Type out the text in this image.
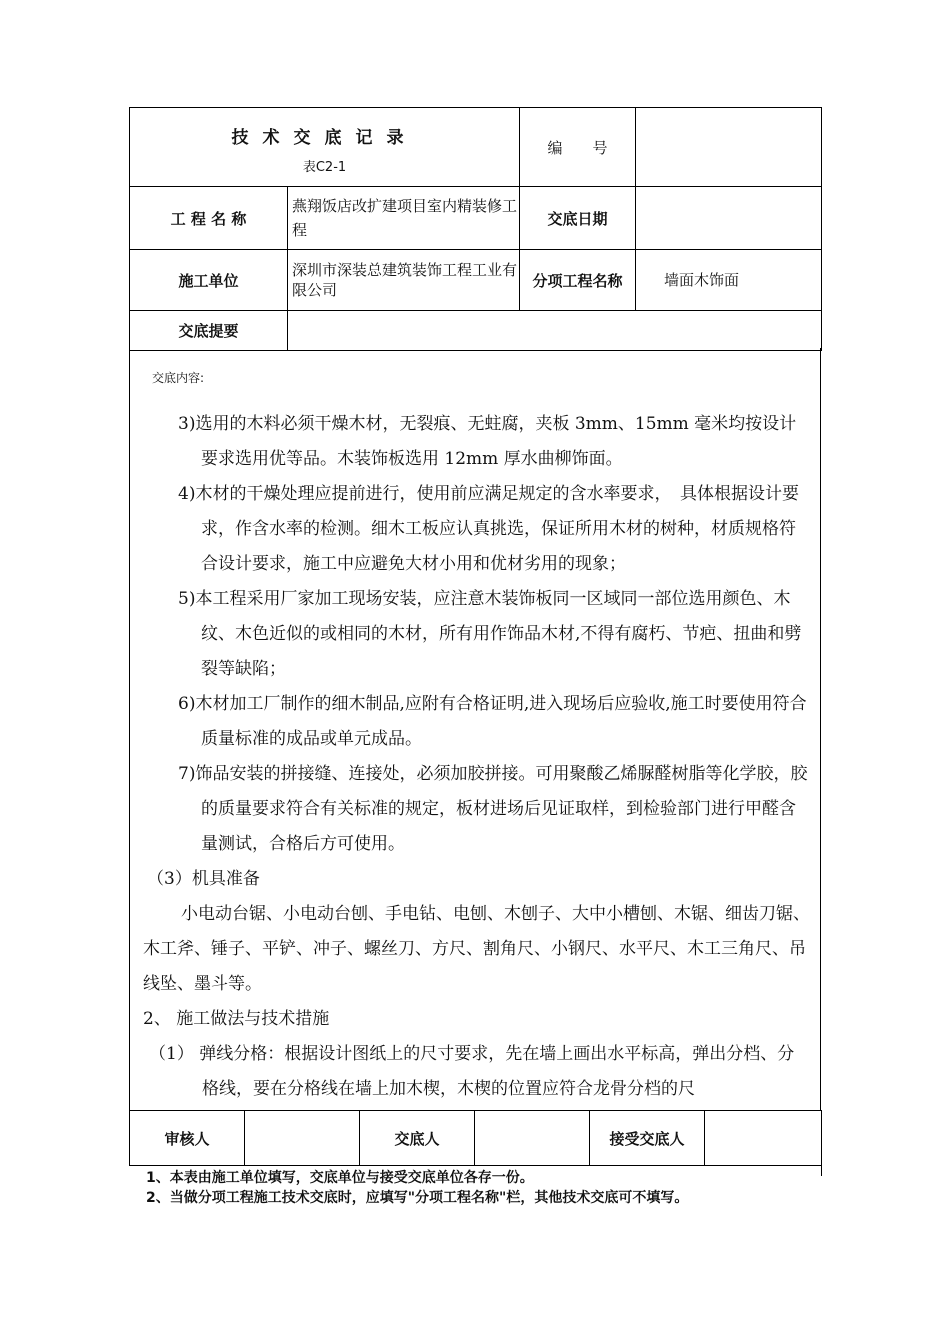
技术交底记录
表C2-1		编　　号	
工 程 名 称	燕翔饭店改扩建项目室内精装修工程	交底日期	
施工单位	深圳市深装总建筑装饰工程工业有限公司	分项工程名称	墙面木饰面
交底提要			
交底内容:

3)选用的木料必须干燥木材，无裂痕、无蛀腐，夹板 3mm、15mm 毫米均按设计要求选用优等品。木装饰板选用 12mm 厚水曲柳饰面。

4)木材的干燥处理应提前进行，使用前应满足规定的含水率要求，　具体根据设计要求，作含水率的检测。细木工板应认真挑选，保证所用木材的树种，材质规格符合设计要求，施工中应避免大材小用和优材劣用的现象；

5)本工程采用厂家加工现场安装，应注意木装饰板同一区域同一部位选用颜色、木纹、木色近似的或相同的木材，所有用作饰品木材,不得有腐朽、节疤、扭曲和劈裂等缺陷；

6)木材加工厂制作的细木制品,应附有合格证明,进入现场后应验收,施工时要使用符合质量标准的成品或单元成品。

7)饰品安装的拼接缝、连接处，必须加胶拼接。可用聚酸乙烯脲醛树脂等化学胶，胶的质量要求符合有关标准的规定，板材进场后见证取样，到检验部门进行甲醛含量测试，合格后方可使用。

（3）机具准备

小电动台锯、小电动台刨、手电钻、电刨、木刨子、大中小槽刨、木锯、细齿刀锯、木工斧、锤子、平铲、冲子、螺丝刀、方尺、割角尺、小钢尺、水平尺、木工三角尺、吊线坠、墨斗等。

2、 施工做法与技术措施

（1） 弹线分格：根据设计图纸上的尺寸要求，先在墙上画出水平标高，弹出分档、分格线，要在分格线在墙上加木楔，木楔的位置应符合龙骨分档的尺

审核人		交底人		接受交底人	
1、本表由施工单位填写，交底单位与接受交底单位各存一份。
2、当做分项工程施工技术交底时，应填写"分项工程名称"栏，其他技术交底可不填写。
